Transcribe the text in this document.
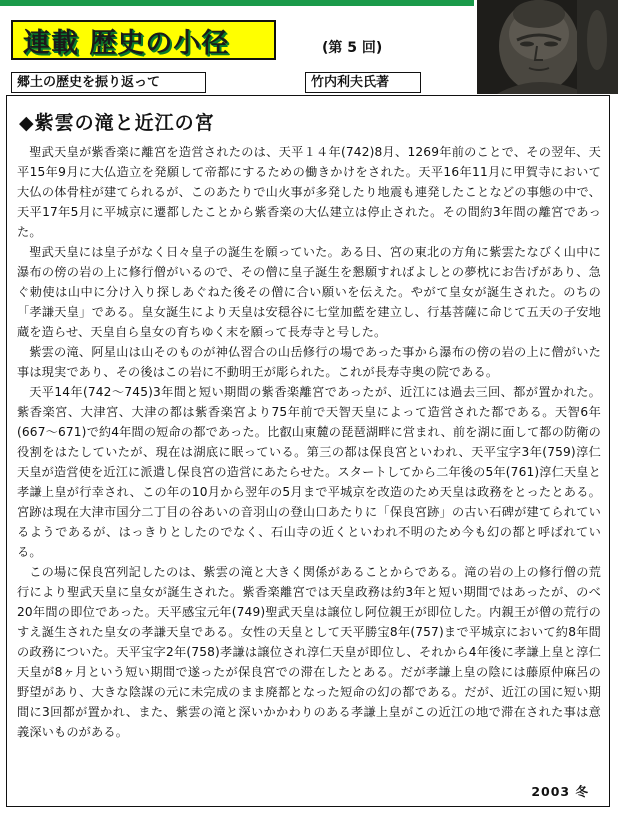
連載 歴史の小径	(第 5 回)
郷土の歴史を振り返って	竹内利夫氏著
◆紫雲の滝と近江の宮

聖武天皇が紫香楽に離宮を造営されたのは、天平１４年(742)8月、1269年前のことで、その翌年、天平15年9月に大仏造立を発願して帝都にするための働きかけをされた。天平16年11月に甲賀寺において大仏の体骨柱が建てられるが、このあたりで山火事が多発したり地震も連発したことなどの事態の中で、天平17年5月に平城京に遷都したことから紫香楽の大仏建立は停止された。その間約3年間の離宮であった。

聖武天皇には皇子がなく日々皇子の誕生を願っていた。ある日、宮の東北の方角に紫雲たなびく山中に瀑布の傍の岩の上に修行僧がいるので、その僧に皇子誕生を懇願すればよしとの夢枕にお告げがあり、急ぐ勅使は山中に分け入り探しあぐねた後その僧に合い願いを伝えた。やがて皇女が誕生された。のちの「孝謙天皇」である。皇女誕生により天皇は安穏谷に七堂加藍を建立し、行基菩薩に命じて五天の子安地蔵を造らせ、天皇自ら皇女の育ちゆく末を願って長寿寺と号した。

紫雲の滝、阿星山は山そのものが神仏習合の山岳修行の場であった事から瀑布の傍の岩の上に僧がいた事は現実であり、その後はこの岩に不動明王が彫られた。これが長寿寺奥の院である。

天平14年(742～745)3年間と短い期間の紫香楽離宮であったが、近江には過去三回、都が置かれた。紫香楽宮、大津宮、大津の都は紫香楽宮より75年前で天智天皇によって造営された都である。天智6年(667～671)で約4年間の短命の都であった。比叡山東麓の琵琶湖畔に営まれ、前を湖に面して都の防衛の役割をはたしていたが、現在は湖底に眠っている。第三の都は保良宮といわれ、天平宝字3年(759)淳仁天皇が造営使を近江に派遣し保良宮の造営にあたらせた。スタートしてから二年後の5年(761)淳仁天皇と孝謙上皇が行幸され、この年の10月から翌年の5月まで平城京を改造のため天皇は政務をとったとある。宮跡は現在大津市国分二丁目の谷あいの音羽山の登山口あたりに「保良宮跡」の古い石碑が建てられているようであるが、はっきりとしたのでなく、石山寺の近くといわれ不明のため今も幻の都と呼ばれている。

この場に保良宮列記したのは、紫雲の滝と大きく関係があることからである。滝の岩の上の修行僧の荒行により聖武天皇に皇女が誕生された。紫香楽離宮では天皇政務は約3年と短い期間ではあったが、のべ20年間の即位であった。天平感宝元年(749)聖武天皇は譲位し阿位親王が即位した。内親王が僧の荒行のすえ誕生された皇女の孝謙天皇である。女性の天皇として天平勝宝8年(757)まで平城京において約8年間の政務についた。天平宝字2年(758)孝謙は譲位され淳仁天皇が即位し、それから4年後に孝謙上皇と淳仁天皇が8ヶ月という短い期間で遂ったが保良宮での滞在したとある。だが孝謙上皇の陰には藤原仲麻呂の野望があり、大きな陰謀の元に未完成のまま廃都となった短命の幻の都である。だが、近江の国に短い期間に3回都が置かれ、また、紫雲の滝と深いかかわりのある孝謙上皇がこの近江の地で滞在された事は意義深いものがある。

2003 冬
